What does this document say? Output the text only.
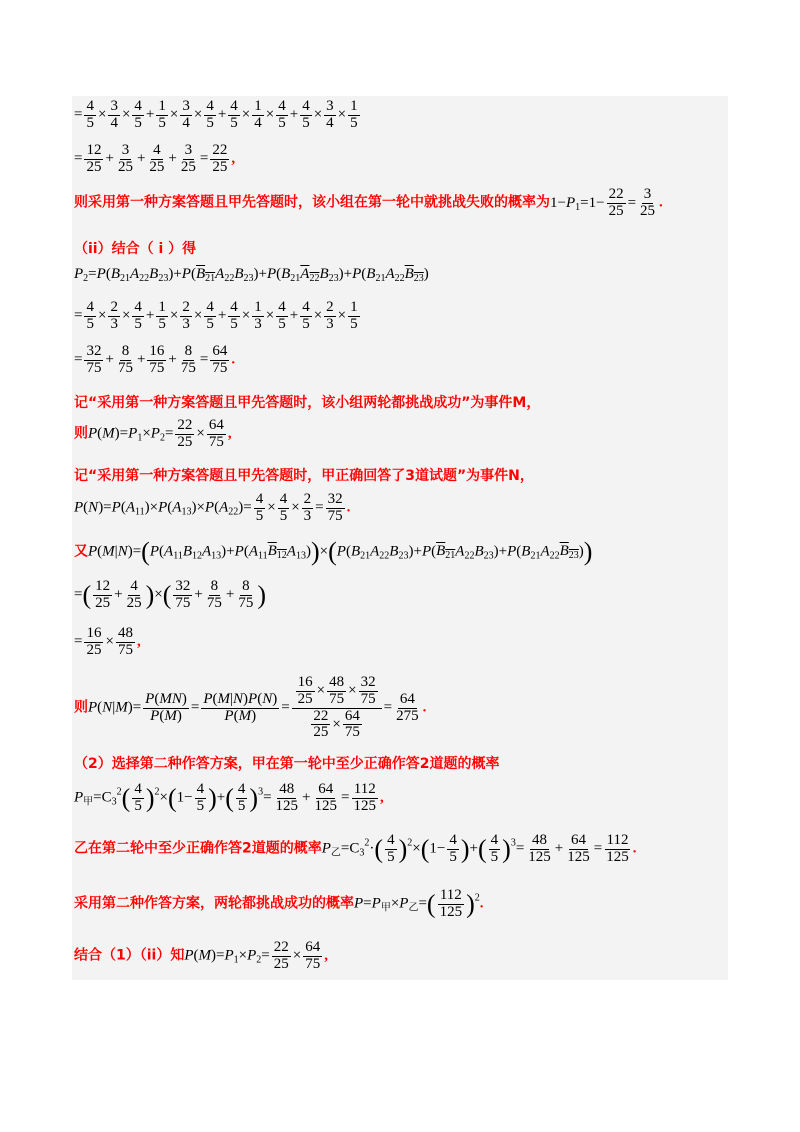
= $\frac{4}{5} \times \frac{3}{4} \times \frac{4}{5} + \frac{1}{5} \times \frac{3}{4} \times \frac{4}{5} + \frac{4}{5} \times \frac{1}{4} \times \frac{4}{5} + \frac{4}{5} \times \frac{3}{4} \times \frac{1}{5}$
= $\frac{12}{25} + \frac{3}{25} + \frac{4}{25} + \frac{3}{25} = \frac{22}{25}$ ,
则采用第一种方案答题且甲先答题时，该小组在第一轮中就挑战失败的概率为$1-P_1=1- \frac{22}{25} = \frac{3}{25}$ .
（ii）结合（ i ）得
$P_2=P(B_{21}A_{22}B_{23})+P(B_{21}A_{22}B_{23})+P(B_{21}A_{22}B_{23})+P(B_{21}A_{22}B_{23})$
= $\frac{4}{5} \times \frac{2}{3} \times \frac{4}{5} + \frac{1}{5} \times \frac{2}{3} \times \frac{4}{5} + \frac{4}{5} \times \frac{1}{3} \times \frac{4}{5} + \frac{4}{5} \times \frac{2}{3} \times \frac{1}{5}$
= $\frac{32}{75} + \frac{8}{75} + \frac{16}{75} + \frac{8}{75} = \frac{64}{75}$ .
记“采用第一种方案答题且甲先答题时，该小组两轮都挑战成功”为事件M，
则$P(M)=P_1\times P_2= \frac{22}{25} \times \frac{64}{75}$ ,
记“采用第一种方案答题且甲先答题时，甲正确回答了3道试题”为事件N，
$P(N)=P(A_{11})\times P(A_{13})\times P(A_{22})= \frac{4}{5} \times \frac{4}{5} \times \frac{2}{3} = \frac{32}{75}$ .
又$P(M|N)=(P(A_{11}B_{12}A_{13})+P(A_{11}B_{12}A_{13}))\times(P(B_{21}A_{22}B_{23})+P(B_{21}A_{22}B_{23})+P(B_{21}A_{22}B_{23}))$
=( $\frac{12}{25} + \frac{4}{25}$ )×( $\frac{32}{75} + \frac{8}{75} + \frac{8}{75}$ )
= $\frac{16}{25} \times \frac{48}{75}$ ,
则$P(N|M)= \frac{P(MN)}{P(M)} = \frac{P(M|N)P(N)}{P(M)} = \frac{\frac{16}{25} \times \frac{48}{75} \times \frac{32}{75}}{\frac{22}{25} \times \frac{64}{75}} = \frac{64}{275}$ .
（2）选择第二种作答方案，甲在第一轮中至少正确作答2道题的概率
$P_甲=C_3^2( \frac{4}{5} )^2\times(1- \frac{4}{5}$ )+( $\frac{4}{5} )^3= \frac{48}{125} + \frac{64}{125} = \frac{112}{125}$ ,
乙在第二轮中至少正确作答2道题的概率$P_乙=C_3^2\cdot( \frac{4}{5} )^2\times(1- \frac{4}{5}$ )+( $\frac{4}{5} )^3= \frac{48}{125} + \frac{64}{125} = \frac{112}{125}$ .
采用第二种作答方案，两轮都挑战成功的概率$P=P_甲\times P_乙=( \frac{112}{125} )^2$.
结合（1）（ii）知$P(M)=P_1\times P_2= \frac{22}{25} \times \frac{64}{75}$ ,
